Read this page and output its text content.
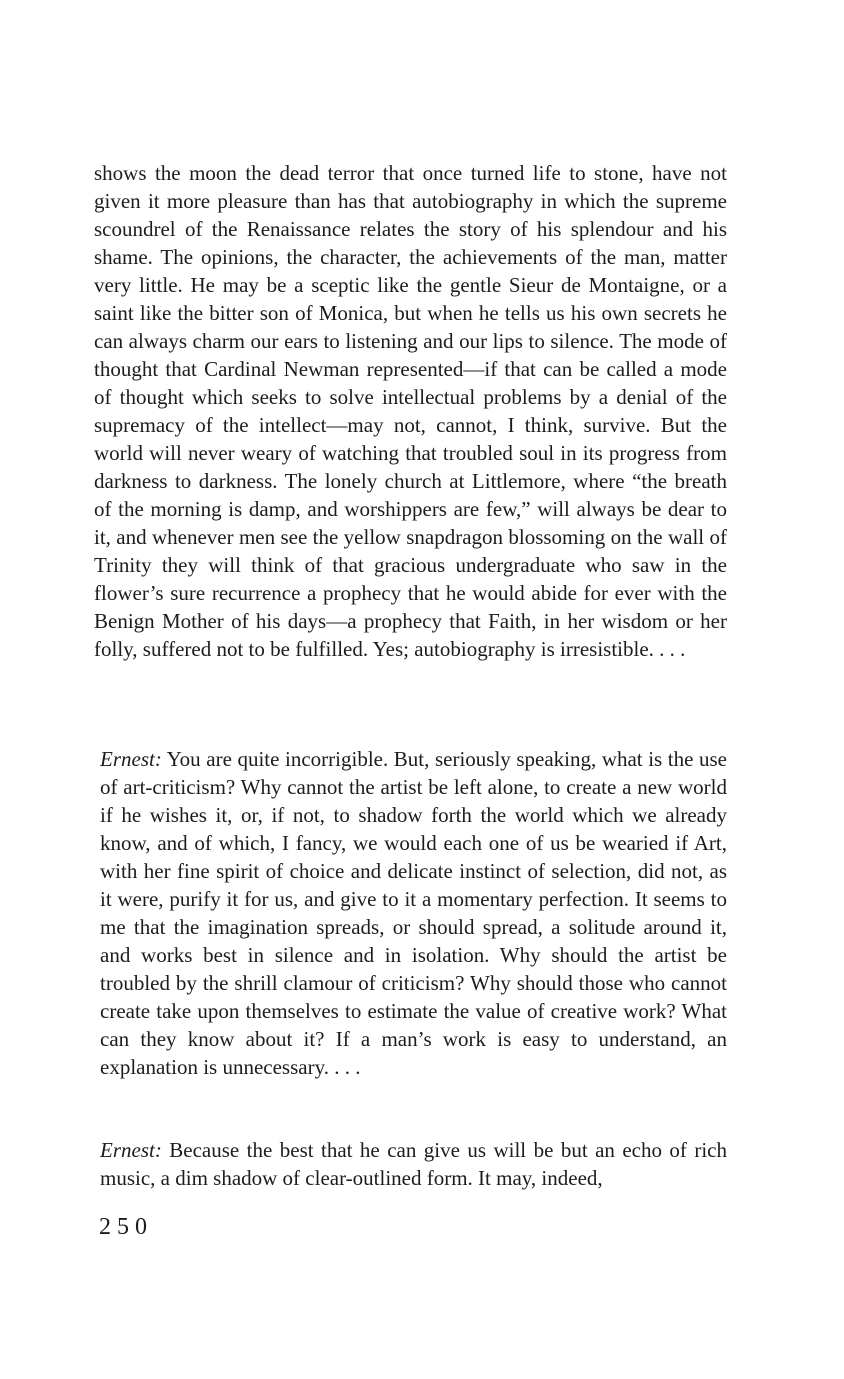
shows the moon the dead terror that once turned life to stone, have not given it more pleasure than has that autobiography in which the supreme scoundrel of the Renaissance relates the story of his splendour and his shame. The opinions, the character, the achievements of the man, matter very little. He may be a sceptic like the gentle Sieur de Montaigne, or a saint like the bitter son of Monica, but when he tells us his own secrets he can always charm our ears to listening and our lips to silence. The mode of thought that Cardinal Newman represented—if that can be called a mode of thought which seeks to solve intellectual problems by a denial of the supremacy of the intellect—may not, cannot, I think, survive. But the world will never weary of watching that troubled soul in its progress from darkness to darkness. The lonely church at Littlemore, where “the breath of the morning is damp, and worshippers are few,” will always be dear to it, and whenever men see the yellow snapdragon blossoming on the wall of Trinity they will think of that gracious undergraduate who saw in the flower’s sure recurrence a prophecy that he would abide for ever with the Benign Mother of his days—a prophecy that Faith, in her wisdom or her folly, suffered not to be fulfilled. Yes; autobiography is irresistible. . . .

Ernest: You are quite incorrigible. But, seriously speaking, what is the use of art-criticism? Why cannot the artist be left alone, to create a new world if he wishes it, or, if not, to shadow forth the world which we already know, and of which, I fancy, we would each one of us be wearied if Art, with her fine spirit of choice and delicate instinct of selection, did not, as it were, purify it for us, and give to it a momentary perfection. It seems to me that the imagination spreads, or should spread, a solitude around it, and works best in silence and in isolation. Why should the artist be troubled by the shrill clamour of criticism? Why should those who cannot create take upon themselves to estimate the value of creative work? What can they know about it? If a man’s work is easy to understand, an explanation is unnecessary. . . .

Ernest: Because the best that he can give us will be but an echo of rich music, a dim shadow of clear-outlined form. It may, indeed,

250
